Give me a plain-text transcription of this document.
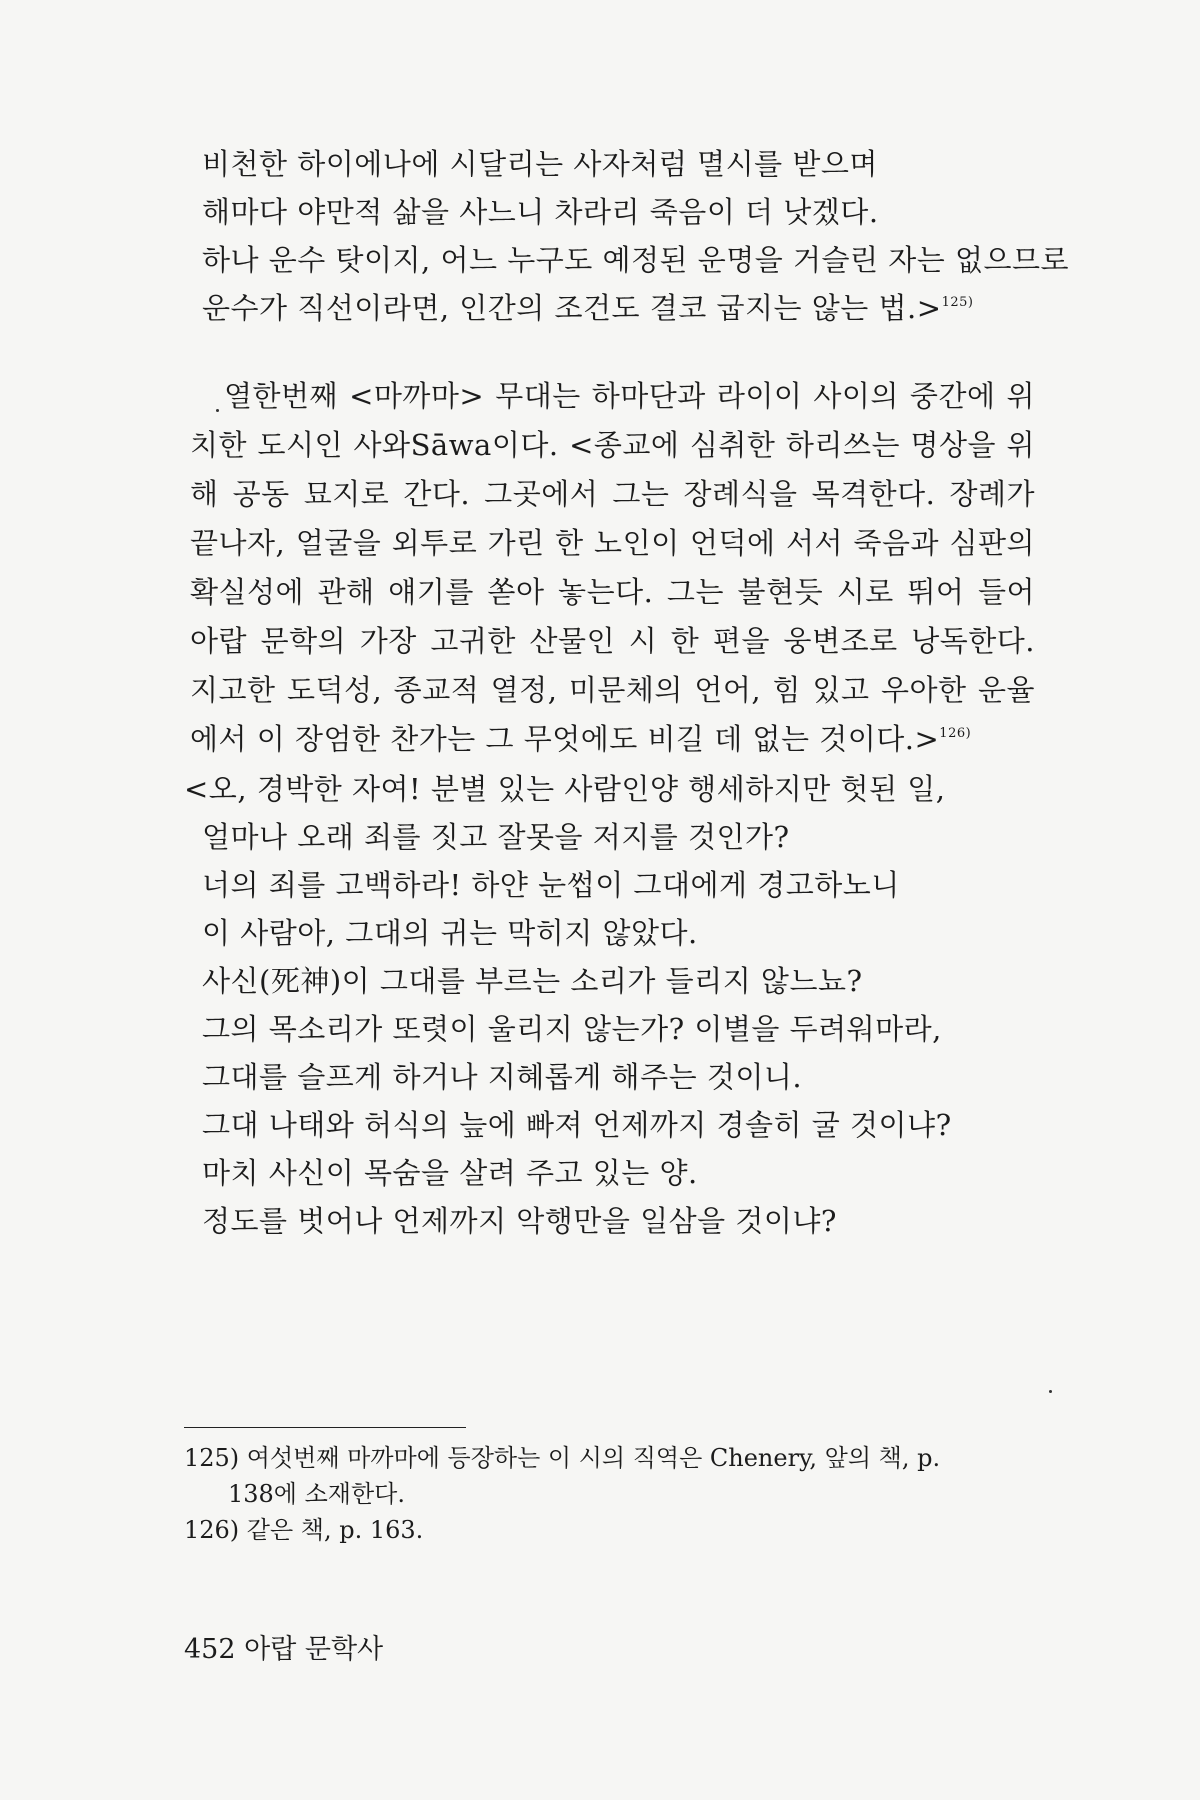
비천한 하이에나에 시달리는 사자처럼 멸시를 받으며
해마다 야만적 삶을 사느니 차라리 죽음이 더 낫겠다.
하나 운수 탓이지, 어느 누구도 예정된 운명을 거슬린 자는 없으므로
운수가 직선이라면, 인간의 조건도 결코 굽지는 않는 법.>$^{125)}$
열한번째 <마까마> 무대는 하마단과 라이이 사이의 중간에 위치한 도시인 사와Sāwa이다. <종교에 심취한 하리쓰는 명상을 위해 공동 묘지로 간다. 그곳에서 그는 장례식을 목격한다. 장례가 끝나자, 얼굴을 외투로 가린 한 노인이 언덕에 서서 죽음과 심판의 확실성에 관해 얘기를 쏟아 놓는다. 그는 불현듯 시로 뛰어 들어 아랍 문학의 가장 고귀한 산물인 시 한 편을 웅변조로 낭독한다. 지고한 도덕성, 종교적 열정, 미문체의 언어, 힘 있고 우아한 운율에서 이 장엄한 찬가는 그 무엇에도 비길 데 없는 것이다.>$^{126)}$
<오, 경박한 자여! 분별 있는 사람인양 행세하지만 헛된 일,
얼마나 오래 죄를 짓고 잘못을 저지를 것인가?
너의 죄를 고백하라! 하얀 눈썹이 그대에게 경고하노니
이 사람아, 그대의 귀는 막히지 않았다.
사신(死神)이 그대를 부르는 소리가 들리지 않느뇨?
그의 목소리가 또렷이 울리지 않는가? 이별을 두려워마라,
그대를 슬프게 하거나 지혜롭게 해주는 것이니.
그대 나태와 허식의 늪에 빠져 언제까지 경솔히 굴 것이냐?
마치 사신이 목숨을 살려 주고 있는 양.
정도를 벗어나 언제까지 악행만을 일삼을 것이냐?
125) 여섯번째 마까마에 등장하는 이 시의 직역은 Chenery, 앞의 책, p.
138에 소재한다.
126) 같은 책, p. 163.
452 아랍 문학사
